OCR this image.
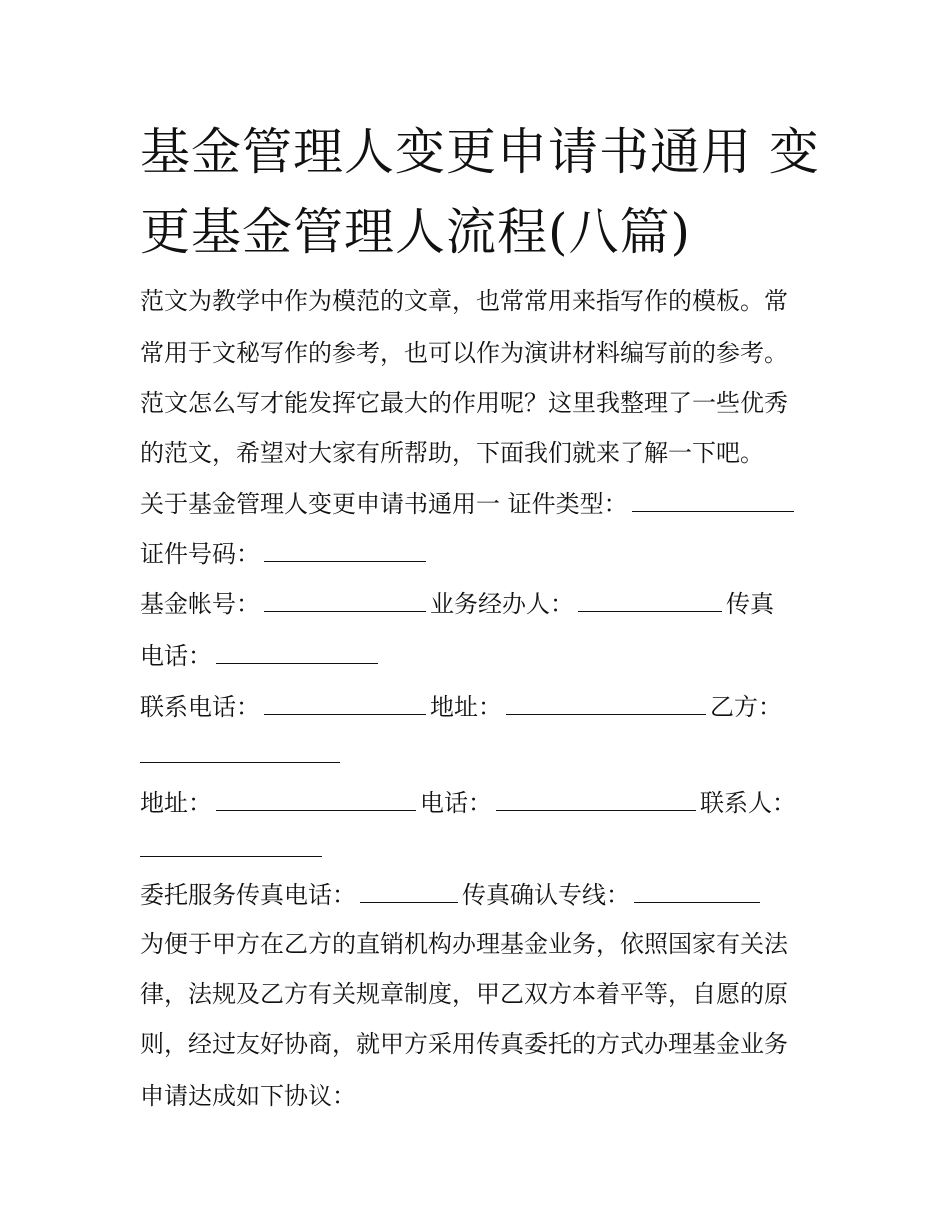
基金管理人变更申请书通用 变更基金管理人流程(八篇)
范文为教学中作为模范的文章，也常常用来指写作的模板。常
常用于文秘写作的参考，也可以作为演讲材料编写前的参考。
范文怎么写才能发挥它最大的作用呢？这里我整理了一些优秀
的范文，希望对大家有所帮助，下面我们就来了解一下吧。
关于基金管理人变更申请书通用一 证件类型：
证件号码：
基金帐号：	业务经办人：	传真
电话：
联系电话：	地址：	乙方：
地址：	电话：	联系人：
委托服务传真电话：	传真确认专线：
为便于甲方在乙方的直销机构办理基金业务，依照国家有关法
律，法规及乙方有关规章制度，甲乙双方本着平等，自愿的原
则，经过友好协商，就甲方采用传真委托的方式办理基金业务
申请达成如下协议：
